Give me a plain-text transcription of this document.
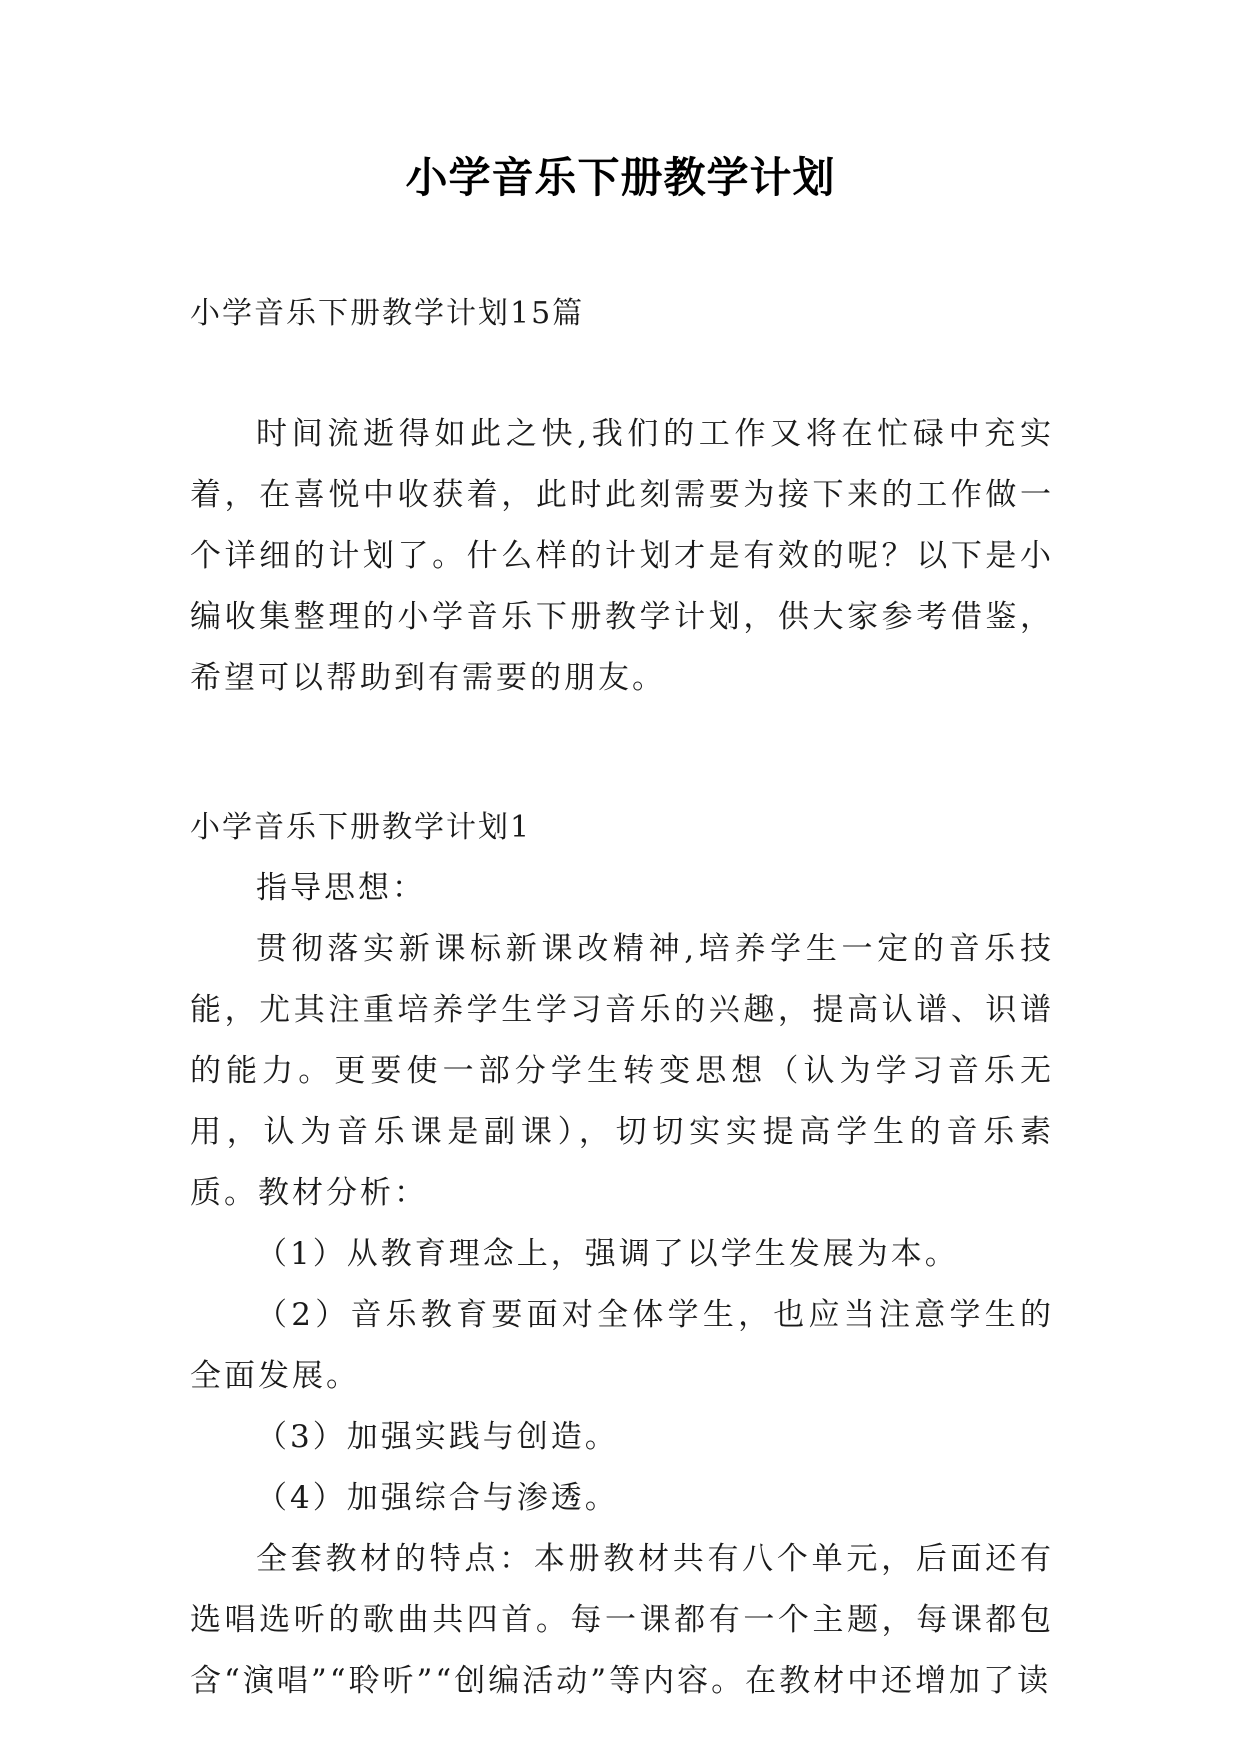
小学音乐下册教学计划
小学音乐下册教学计划15篇

时间流逝得如此之快,我们的工作又将在忙碌中充实着，在喜悦中收获着，此时此刻需要为接下来的工作做一个详细的计划了。什么样的计划才是有效的呢？以下是小编收集整理的小学音乐下册教学计划，供大家参考借鉴，希望可以帮助到有需要的朋友。

小学音乐下册教学计划1

指导思想：

贯彻落实新课标新课改精神,培养学生一定的音乐技能，尤其注重培养学生学习音乐的兴趣，提高认谱、识谱的能力。更要使一部分学生转变思想（认为学习音乐无用，认为音乐课是副课），切切实实提高学生的音乐素质。教材分析：

（1）从教育理念上，强调了以学生发展为本。

（2）音乐教育要面对全体学生，也应当注意学生的全面发展。

（3）加强实践与创造。

（4）加强综合与渗透。

全套教材的特点：本册教材共有八个单元，后面还有选唱选听的歌曲共四首。每一课都有一个主题，每课都包含“演唱”“聆听”“创编活动”等内容。在教材中还增加了读
